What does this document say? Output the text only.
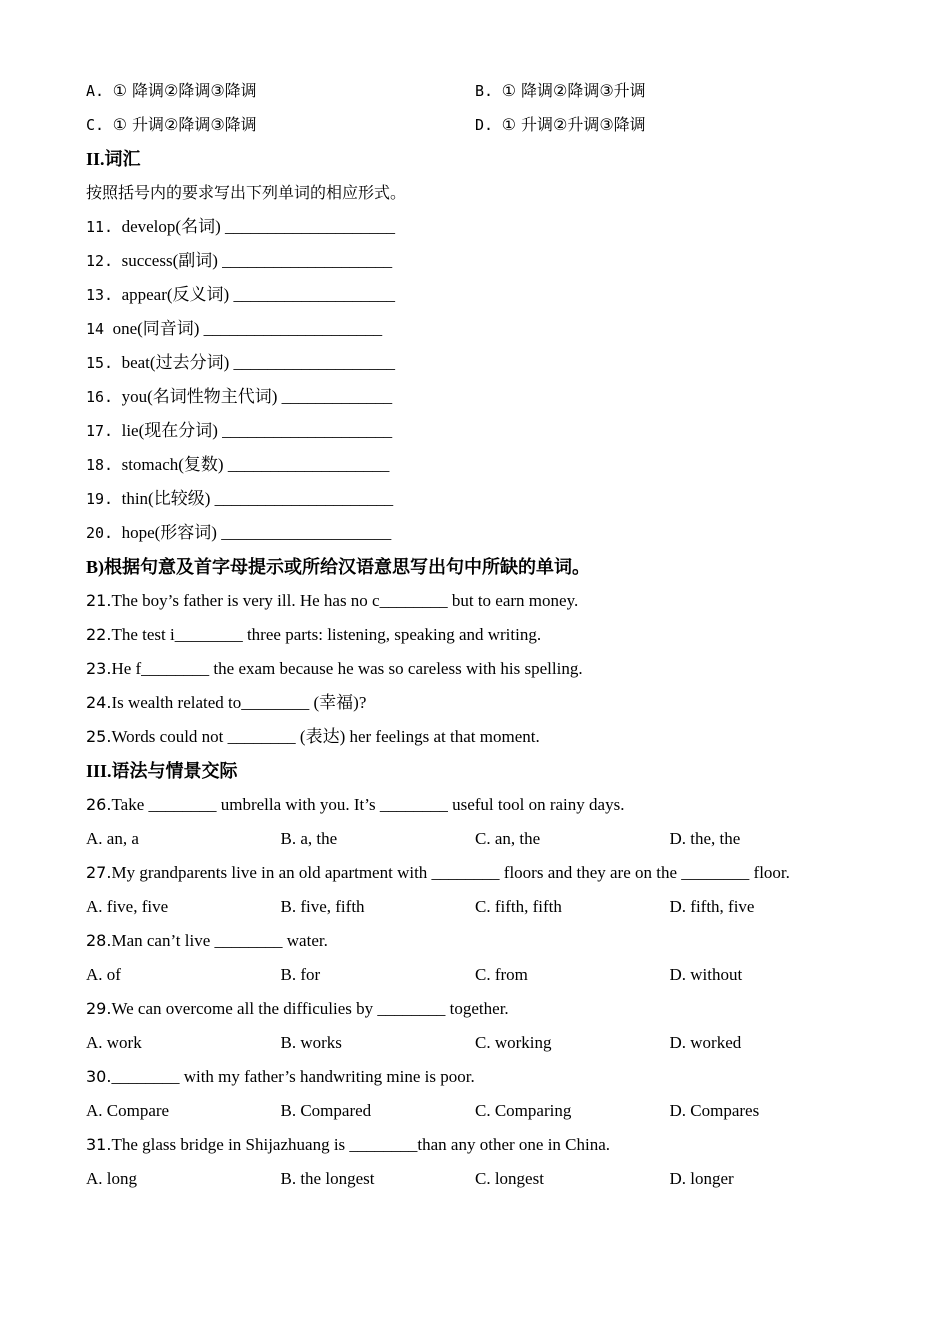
A. ① 降调②降调③降调	B. ① 降调②降调③升调
C. ① 升调②降调③降调	D. ① 升调②升调③降调
II.词汇
按照括号内的要求写出下列单词的相应形式。
11. develop(名词) ____________________
12. success(副词) ____________________
13. appear(反义词) ___________________
14 one(同音词) _____________________
15. beat(过去分词) ___________________
16. you(名词性物主代词) _____________
17. lie(现在分词) ____________________
18. stomach(复数) ___________________
19. thin(比较级) _____________________
20. hope(形容词) ____________________
B)根据句意及首字母提示或所给汉语意思写出句中所缺的单词。
21.The boy’s father is very ill. He has no c________ but to earn money.
22.The test i________ three parts: listening, speaking and writing.
23.He f________ the exam because he was so careless with his spelling.
24.Is wealth related to________ (幸福)?
25.Words could not ________ (表达) her feelings at that moment.
III.语法与情景交际
26.Take ________ umbrella with you. It’s ________ useful tool on rainy days.
A. an, a	B. a, the	C. an, the	D. the, the
27.My grandparents live in an old apartment with ________ floors and they are on the ________ floor.
A. five, five	B. five, fifth	C. fifth, fifth	D. fifth, five
28.Man can’t live ________ water.
A. of	B. for	C. from	D. without
29.We can overcome all the difficulies by ________ together.
A. work	B. works	C. working	D. worked
30.________ with my father’s handwriting mine is poor.
A. Compare	B. Compared	C. Comparing	D. Compares
31.The glass bridge in Shijazhuang is ________than any other one in China.
A. long	B. the longest	C. longest	D. longer
